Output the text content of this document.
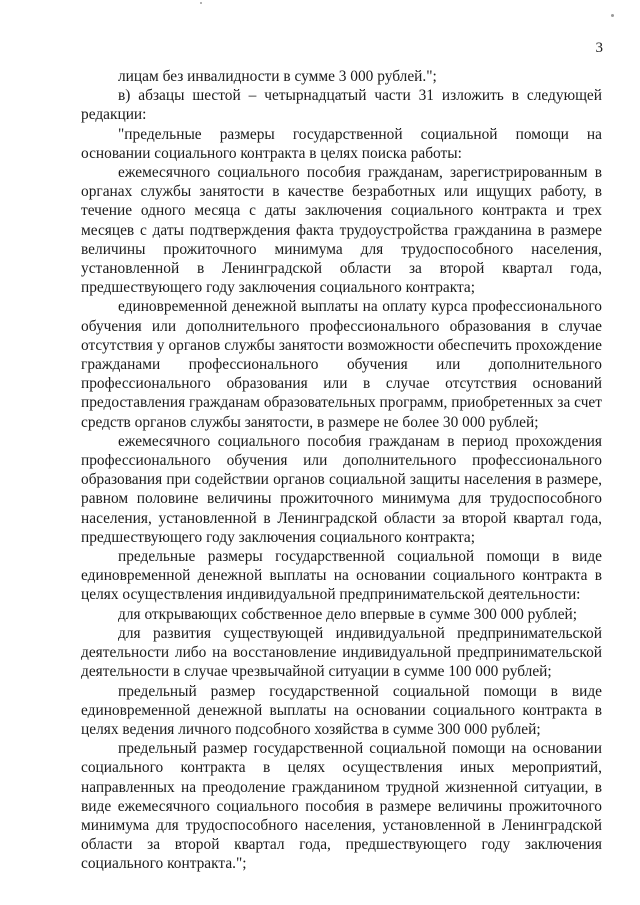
3

лицам без инвалидности в сумме 3 000 рублей.";

в) абзацы шестой – четырнадцатый части 31 изложить в следующей редакции:

"предельные размеры государственной социальной помощи на основании социального контракта в целях поиска работы:

ежемесячного социального пособия гражданам, зарегистрированным в органах службы занятости в качестве безработных или ищущих работу, в течение одного месяца с даты заключения социального контракта и трех месяцев с даты подтверждения факта трудоустройства гражданина в размере величины прожиточного минимума для трудоспособного населения, установленной в Ленинградской области за второй квартал года, предшествующего году заключения социального контракта;

единовременной денежной выплаты на оплату курса профессионального обучения или дополнительного профессионального образования в случае отсутствия у органов службы занятости возможности обеспечить прохождение гражданами профессионального обучения или дополнительного профессионального образования или в случае отсутствия оснований предоставления гражданам образовательных программ, приобретенных за счет средств органов службы занятости, в размере не более 30 000 рублей;

ежемесячного социального пособия гражданам в период прохождения профессионального обучения или дополнительного профессионального образования при содействии органов социальной защиты населения в размере, равном половине величины прожиточного минимума для трудоспособного населения, установленной в Ленинградской области за второй квартал года, предшествующего году заключения социального контракта;

предельные размеры государственной социальной помощи в виде единовременной денежной выплаты на основании социального контракта в целях осуществления индивидуальной предпринимательской деятельности:

для открывающих собственное дело впервые в сумме 300 000 рублей;

для развития существующей индивидуальной предпринимательской деятельности либо на восстановление индивидуальной предпринимательской деятельности в случае чрезвычайной ситуации в сумме 100 000 рублей;

предельный размер государственной социальной помощи в виде единовременной денежной выплаты на основании социального контракта в целях ведения личного подсобного хозяйства в сумме 300 000 рублей;

предельный размер государственной социальной помощи на основании социального контракта в целях осуществления иных мероприятий, направленных на преодоление гражданином трудной жизненной ситуации, в виде ежемесячного социального пособия в размере величины прожиточного минимума для трудоспособного населения, установленной в Ленинградской области за второй квартал года, предшествующего году заключения социального контракта.";
